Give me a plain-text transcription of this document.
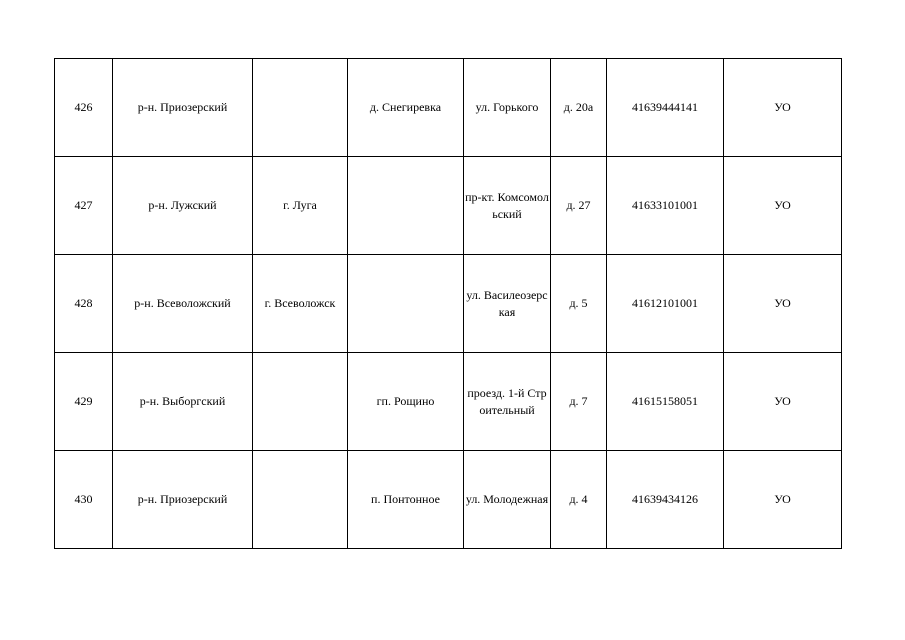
426	р-н. Приозерский		д. Снегиревка	ул. Горького	д. 20а	41639444141	УО
427	р-н. Лужский	г. Луга		пр-кт. Комсомольский	д. 27	41633101001	УО
428	р-н. Всеволожский	г. Всеволожск		ул. Василеозерская	д. 5	41612101001	УО
429	р-н. Выборгский		гп. Рощино	проезд. 1-й Строительный	д. 7	41615158051	УО
430	р-н. Приозерский		п. Понтонное	ул. Молодежная	д. 4	41639434126	УО
